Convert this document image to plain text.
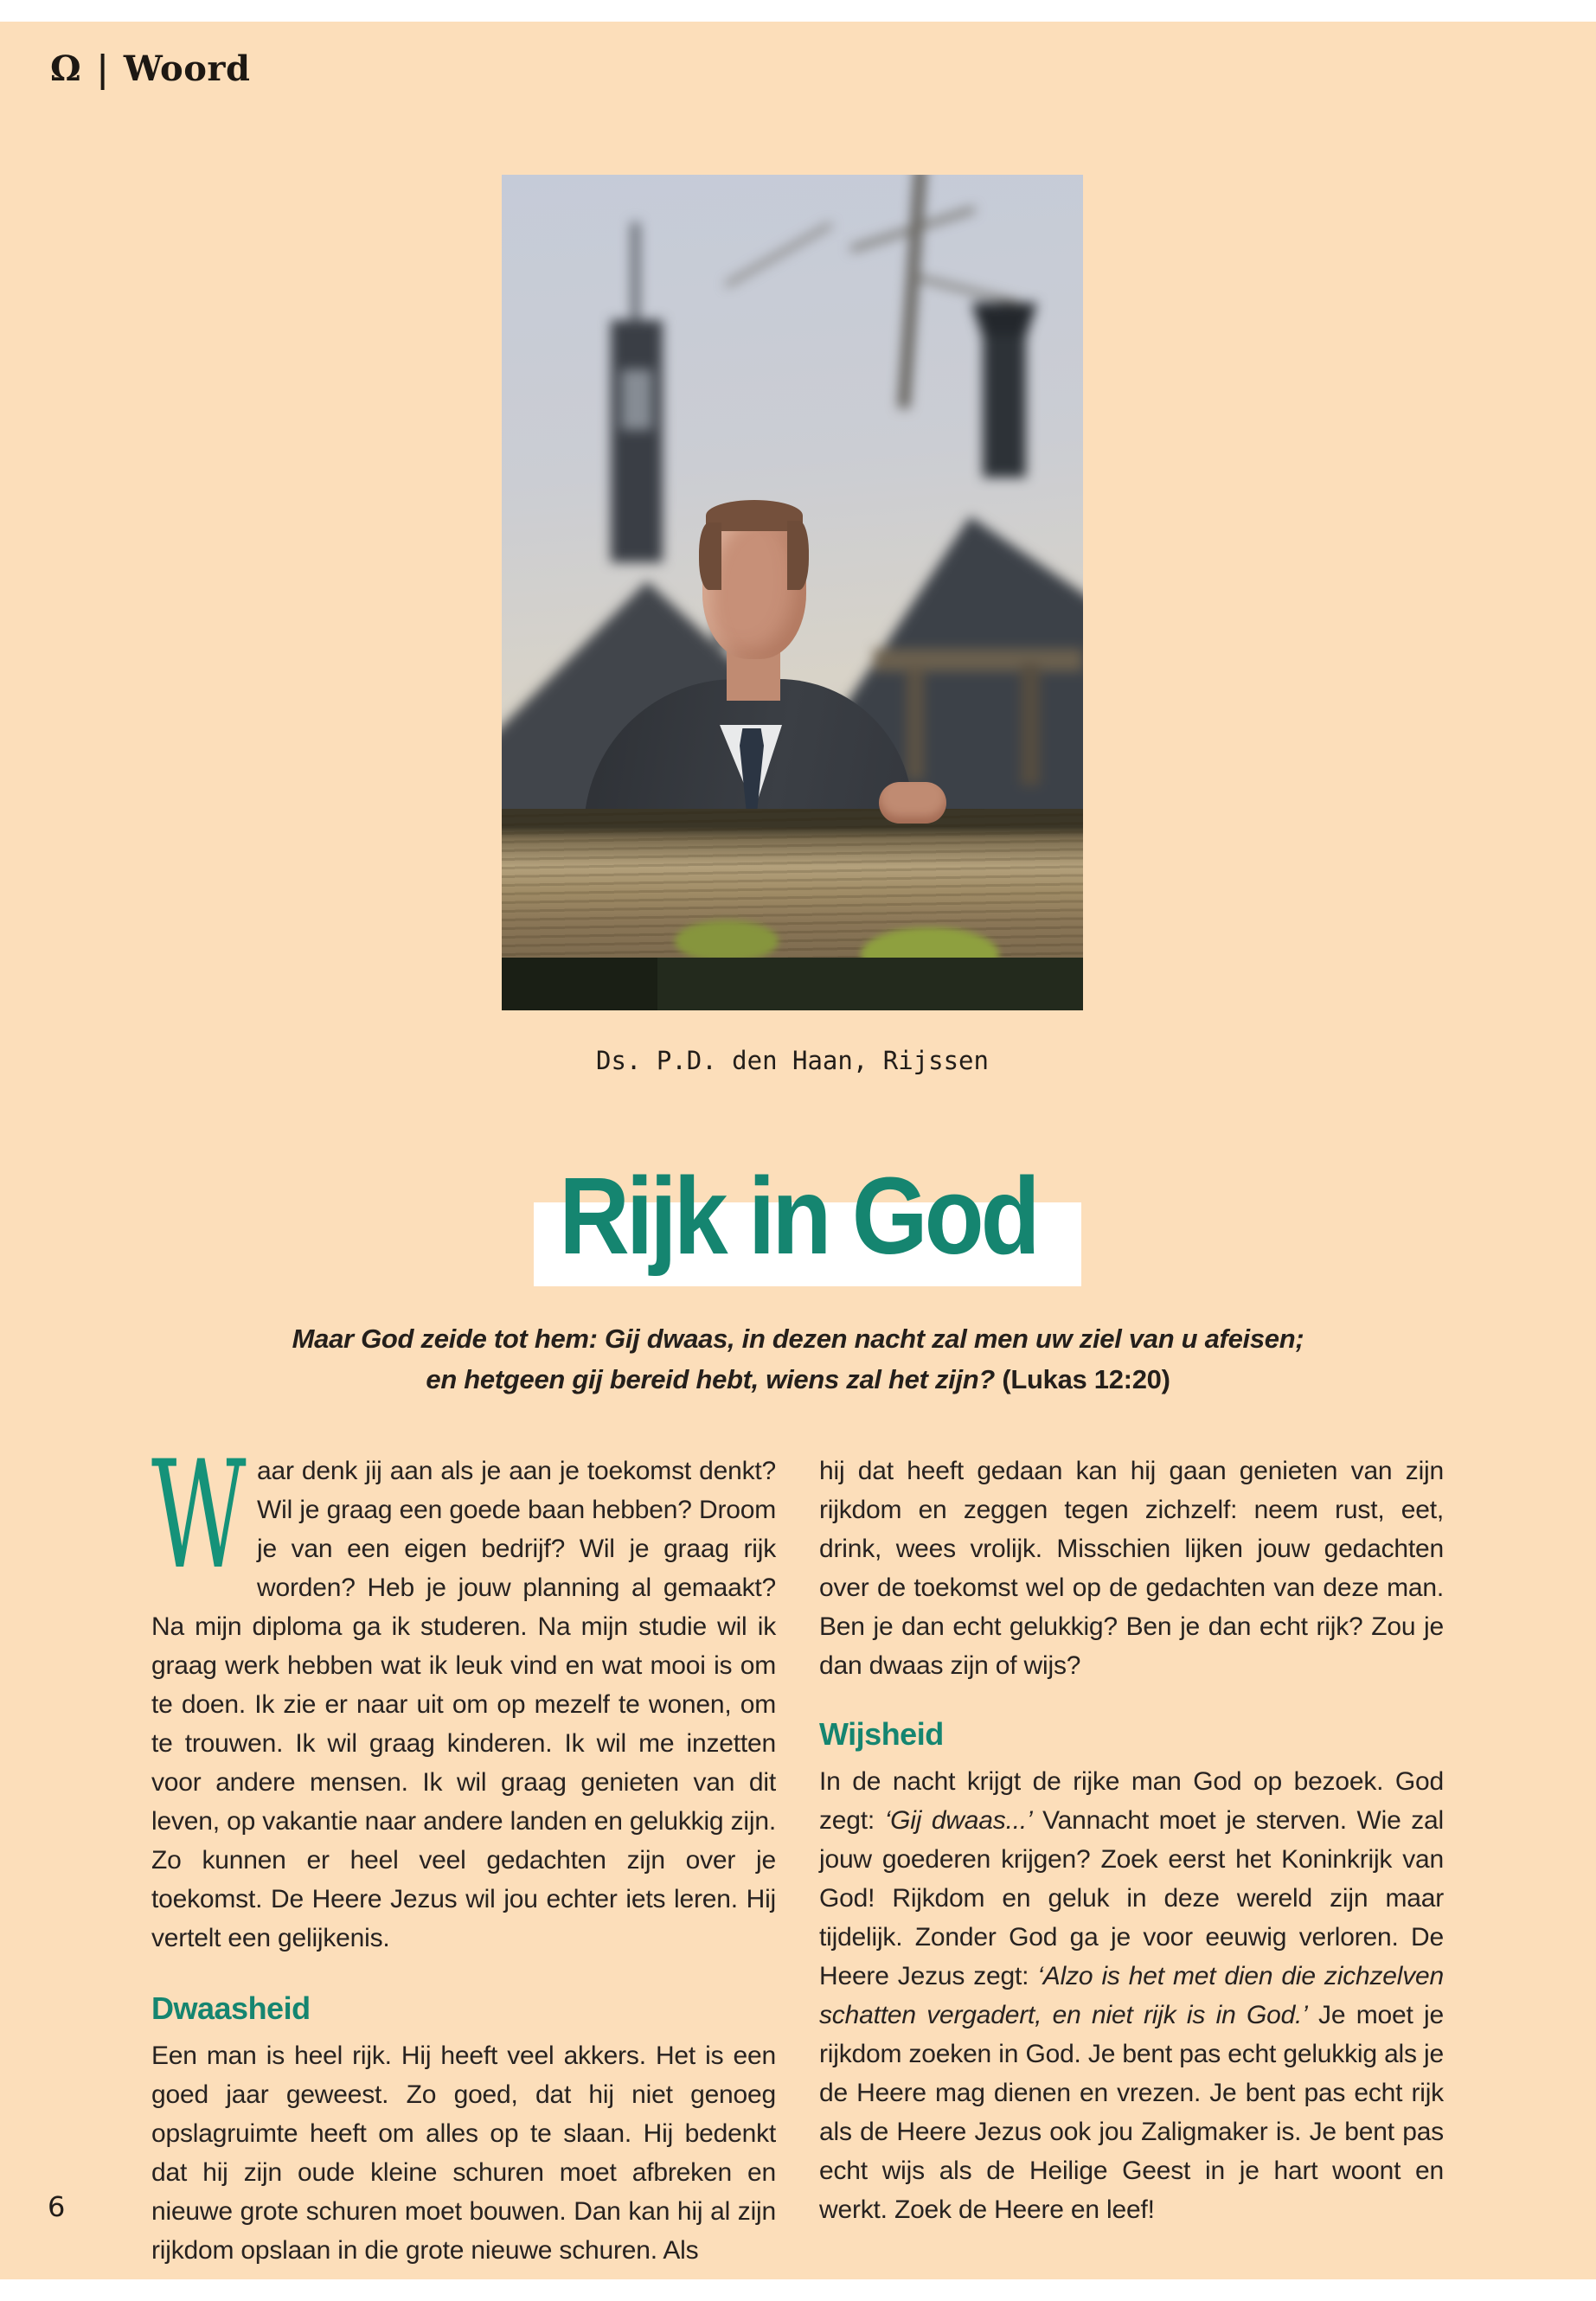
Ω | Woord
Ds. P.D. den Haan, Rijssen
Rijk in God
Maar God zeide tot hem: Gij dwaas, in dezen nacht zal men uw ziel van u afeisen;
en hetgeen gij bereid hebt, wiens zal het zijn? (Lukas 12:20)

Waar denk jij aan als je aan je toekomst denkt? Wil je graag een goede baan hebben? Droom je van een eigen bedrijf? Wil je graag rijk worden? Heb je jouw planning al gemaakt? Na mijn diploma ga ik studeren. Na mijn studie wil ik graag werk hebben wat ik leuk vind en wat mooi is om te doen. Ik zie er naar uit om op mezelf te wonen, om te trouwen. Ik wil graag kinderen. Ik wil me inzetten voor andere mensen. Ik wil graag genieten van dit leven, op vakantie naar andere landen en gelukkig zijn. Zo kunnen er heel veel gedachten zijn over je toekomst. De Heere Jezus wil jou echter iets leren. Hij vertelt een gelijkenis.

Dwaasheid

Een man is heel rijk. Hij heeft veel akkers. Het is een goed jaar geweest. Zo goed, dat hij niet genoeg opslagruimte heeft om alles op te slaan. Hij bedenkt dat hij zijn oude kleine schuren moet afbreken en nieuwe grote schuren moet bouwen. Dan kan hij al zijn rijkdom opslaan in die grote nieuwe schuren. Als

hij dat heeft gedaan kan hij gaan genieten van zijn rijkdom en zeggen tegen zichzelf: neem rust, eet, drink, wees vrolijk. Misschien lijken jouw gedachten over de toekomst wel op de gedachten van deze man. Ben je dan echt gelukkig? Ben je dan echt rijk? Zou je dan dwaas zijn of wijs?

Wijsheid

In de nacht krijgt de rijke man God op bezoek. God zegt: ‘Gij dwaas...’ Vannacht moet je sterven. Wie zal jouw goederen krijgen? Zoek eerst het Koninkrijk van God! Rijkdom en geluk in deze wereld zijn maar tijdelijk. Zonder God ga je voor eeuwig verloren. De Heere Jezus zegt: ‘Alzo is het met dien die zichzelven schatten vergadert, en niet rijk is in God.’ Je moet je rijkdom zoeken in God. Je bent pas echt gelukkig als je de Heere mag dienen en vrezen. Je bent pas echt rijk als de Heere Jezus ook jou Zaligmaker is. Je bent pas echt wijs als de Heilige Geest in je hart woont en werkt. Zoek de Heere en leef!

6
